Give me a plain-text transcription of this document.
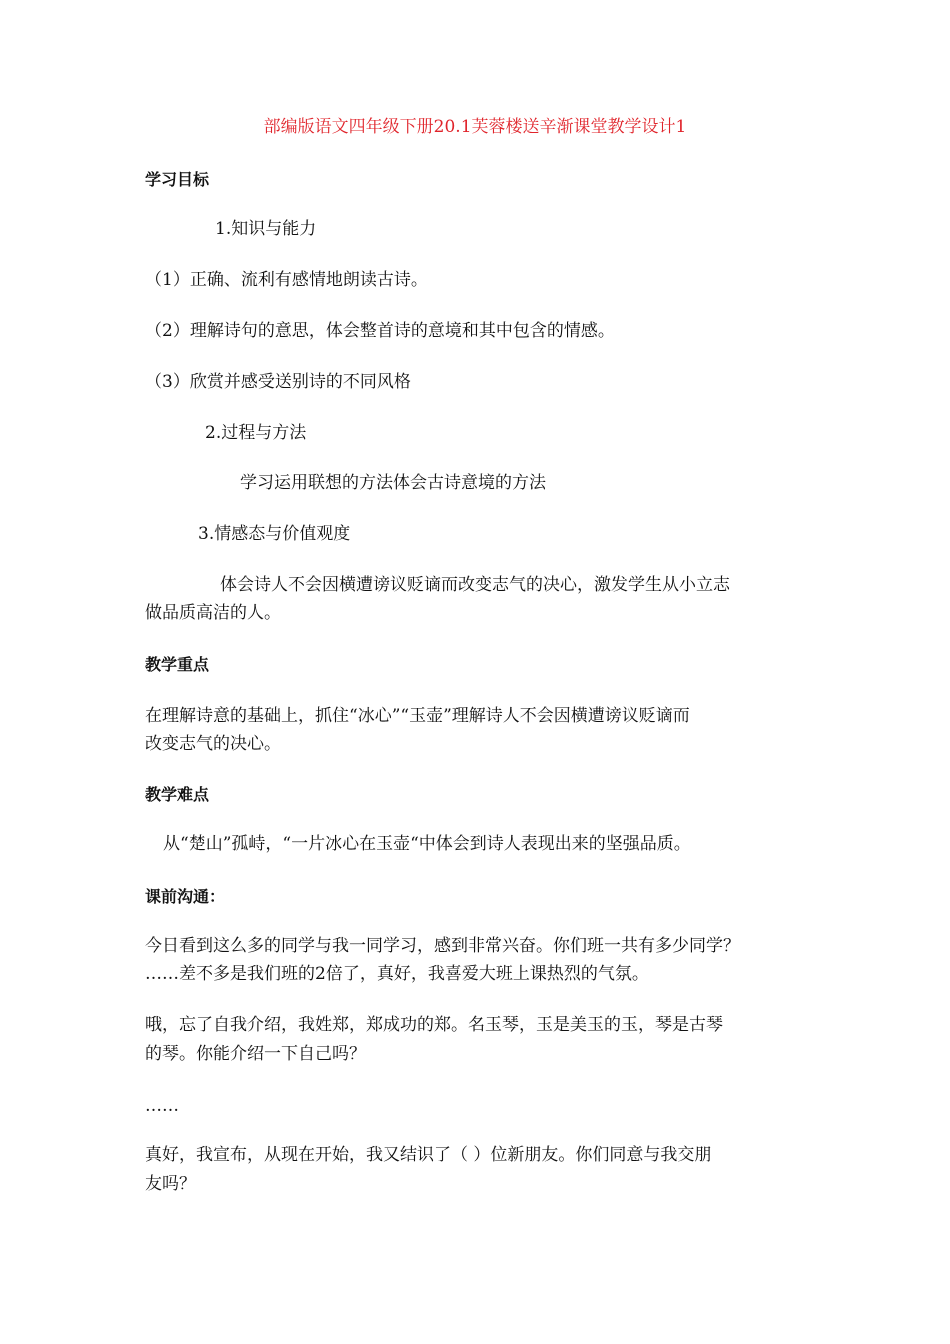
部编版语文四年级下册20.1芙蓉楼送辛渐课堂教学设计1

学习目标

1.知识与能力

（1）正确、流利有感情地朗读古诗。

（2）理解诗句的意思，体会整首诗的意境和其中包含的情感。

（3）欣赏并感受送别诗的不同风格

2.过程与方法

学习运用联想的方法体会古诗意境的方法

3.情感态与价值观度

体会诗人不会因横遭谤议贬谪而改变志气的决心，激发学生从小立志

做品质高洁的人。

教学重点

在理解诗意的基础上，抓住“冰心”“玉壶”理解诗人不会因横遭谤议贬谪而

改变志气的决心。

教学难点

从“楚山”孤峙，“一片冰心在玉壶“中体会到诗人表现出来的坚强品质。

课前沟通：

今日看到这么多的同学与我一同学习，感到非常兴奋。你们班一共有多少同学？

……差不多是我们班的2倍了，真好，我喜爱大班上课热烈的气氛。

哦，忘了自我介绍，我姓郑，郑成功的郑。名玉琴，玉是美玉的玉，琴是古琴

的琴。你能介绍一下自己吗？

……

真好，我宣布，从现在开始，我又结识了（ ）位新朋友。你们同意与我交朋

友吗？
